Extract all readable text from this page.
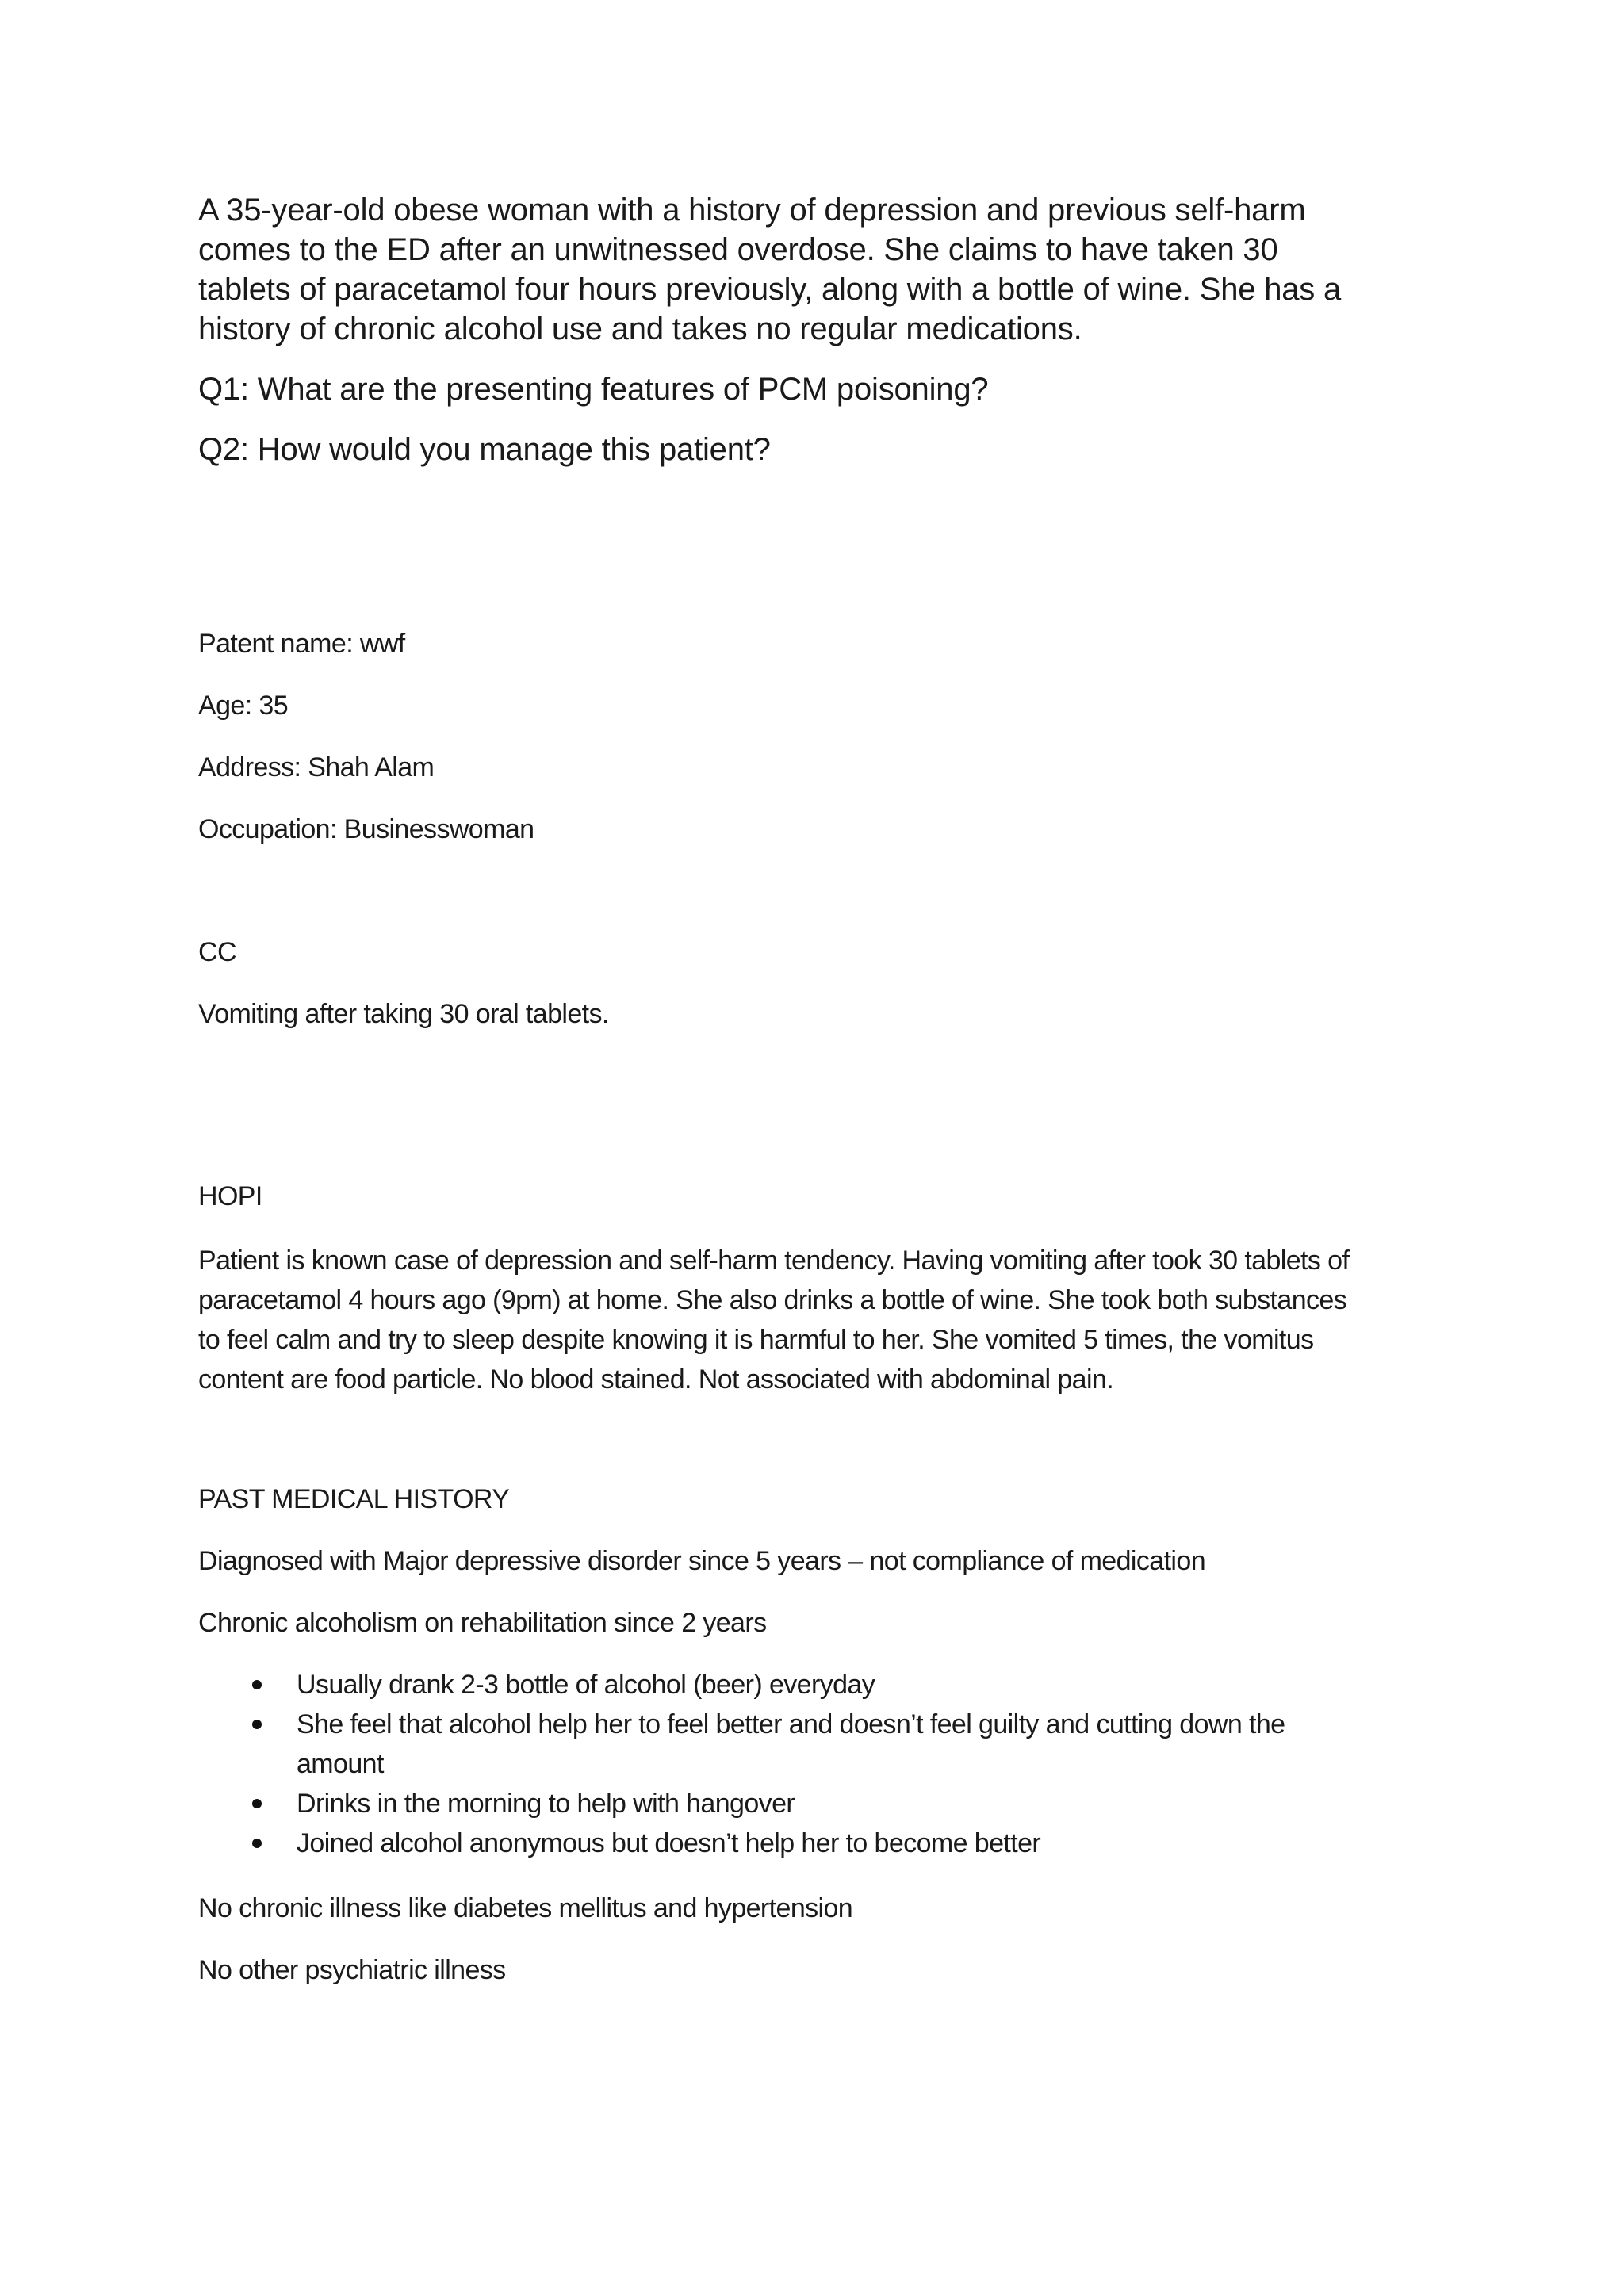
A 35-year-old obese woman with a history of depression and previous self-harm

comes to the ED after an unwitnessed overdose. She claims to have taken 30

tablets of paracetamol four hours previously, along with a bottle of wine. She has a

history of chronic alcohol use and takes no regular medications.

Q1: What are the presenting features of PCM poisoning?

Q2: How would you manage this patient?

Patent name: wwf

Age: 35

Address: Shah Alam

Occupation: Businesswoman

CC

Vomiting after taking 30 oral tablets.

HOPI

Patient is known case of depression and self-harm tendency. Having vomiting after took 30 tablets of

paracetamol 4 hours ago (9pm) at home. She also drinks a bottle of wine. She took both substances

to feel calm and try to sleep despite knowing it is harmful to her. She vomited 5 times, the vomitus

content are food particle. No blood stained. Not associated with abdominal pain.

PAST MEDICAL HISTORY

Diagnosed with Major depressive disorder since 5 years – not compliance of medication

Chronic alcoholism on rehabilitation since 2 years

Usually drank 2-3 bottle of alcohol (beer) everyday
She feel that alcohol help her to feel better and doesn’t feel guilty and cutting down the
amount
Drinks in the morning to help with hangover
Joined alcohol anonymous but doesn’t help her to become better

No chronic illness like diabetes mellitus and hypertension

No other psychiatric illness
